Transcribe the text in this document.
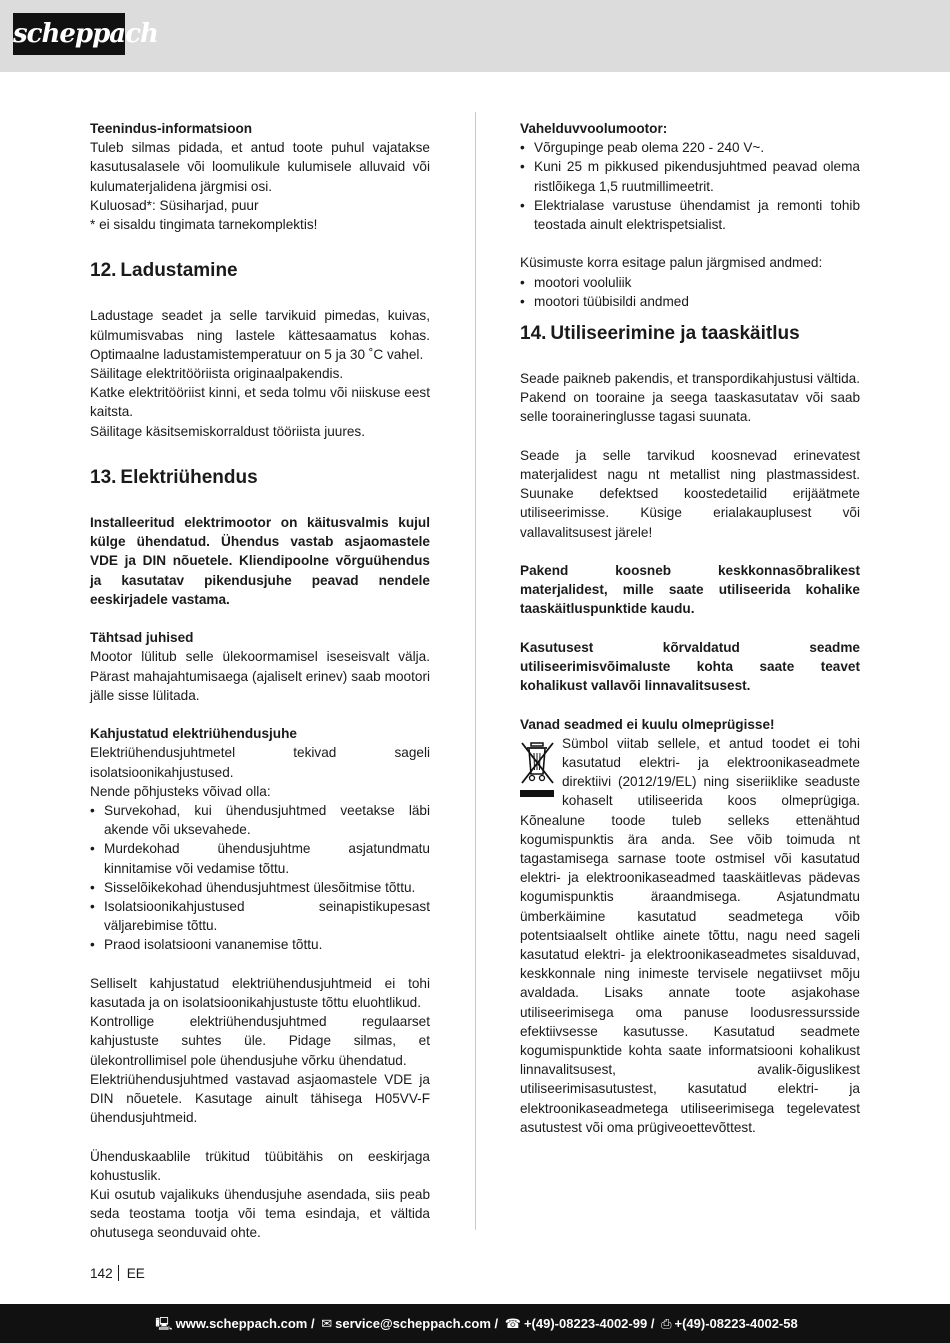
scheppach

Teenindus-informatsioon

Tuleb silmas pidada, et antud toote puhul vajatakse kasutusalasele või loomulikule kulumisele alluvaid või kulumaterjalidena järgmisi osi.

Kuluosad*: Süsiharjad, puur

* ei sisaldu tingimata tarnekomplektis!

12. Ladustamine

Ladustage seadet ja selle tarvikuid pimedas, kuivas, külmumisvabas ning lastele kättesaamatus kohas. Optimaalne ladustamistemperatuur on 5 ja 30 ˚C vahel.

Säilitage elektritööriista originaalpakendis.

Katke elektritööriist kinni, et seda tolmu või niiskuse eest kaitsta.

Säilitage käsitsemiskorraldust tööriista juures.

13. Elektriühendus

Installeeritud elektrimootor on käitusvalmis kujul külge ühendatud. Ühendus vastab asjaomastele VDE ja DIN nõuetele. Kliendipoolne võrguühendus ja kasutatav pikendusjuhe peavad nendele eeskirjadele vastama.

Tähtsad juhised

Mootor lülitub selle ülekoormamisel iseseisvalt välja. Pärast mahajahtumisaega (ajaliselt erinev) saab mootori jälle sisse lülitada.

Kahjustatud elektriühendusjuhe

Elektriühendusjuhtmetel tekivad sageli isolatsioonikahjustused.

Nende põhjusteks võivad olla:

• Survekohad, kui ühendusjuhtmed veetakse läbi akende või uksevahede.
• Murdekohad ühendusjuhtme asjatundmatu kinnitamise või vedamise tõttu.
• Sisselõikekohad ühendusjuhtmest ülesõitmise tõttu.
• Isolatsioonikahjustused seinapistikupesast väljarebimise tõttu.
• Praod isolatsiooni vananemise tõttu.

Selliselt kahjustatud elektriühendusjuhtmeid ei tohi kasutada ja on isolatsioonikahjustuste tõttu eluohtlikud.

Kontrollige elektriühendusjuhtmed regulaarset kahjustuste suhtes üle. Pidage silmas, et ülekontrollimisel pole ühendusjuhe võrku ühendatud.

Elektriühendusjuhtmed vastavad asjaomastele VDE ja DIN nõuetele. Kasutage ainult tähisega H05VV-F ühendusjuhtmeid.

Ühenduskaablile trükitud tüübitähis on eeskirjaga kohustuslik.

Kui osutub vajalikuks ühendusjuhe asendada, siis peab seda teostama tootja või tema esindaja, et vältida ohutusega seonduvaid ohte.

Vahelduvvoolumootor:

• Võrgupinge peab olema 220 - 240 V~.
• Kuni 25 m pikkused pikendusjuhtmed peavad olema ristlõikega 1,5 ruutmillimeetrit.
• Elektrialase varustuse ühendamist ja remonti tohib teostada ainult elektrispetsialist.

Küsimuste korra esitage palun järgmised andmed:

• mootori vooluliik
• mootori tüübisildi andmed
14. Utiliseerimine ja taaskäitlus

Seade paikneb pakendis, et transpordikahjustusi vältida. Pakend on tooraine ja seega taaskasutatav või saab selle tooraineringlusse tagasi suunata.

Seade ja selle tarvikud koosnevad erinevatest materjalidest nagu nt metallist ning plastmassidest. Suunake defektsed koostedetailid erijäätmete utiliseerimisse. Küsige erialakauplusest või vallavalitsusest järele!

Pakend koosneb keskkonnasõbralikest materjalidest, mille saate utiliseerida kohalike taaskäitluspunktide kaudu.

Kasutusest kõrvaldatud seadme utiliseerimisvõimaluste kohta saate teavet kohalikust vallavõi linnavalitsusest.

Vanad seadmed ei kuulu olmeprügisse!

Sümbol viitab sellele, et antud toodet ei tohi kasutatud elektri- ja elektroonikaseadmete direktiivi (2012/19/EL) ning siseriiklike seaduste kohaselt utiliseerida koos olmeprügiga. Kõnealune toode tuleb selleks ettenähtud kogumispunktis ära anda. See võib toimuda nt tagastamisega sarnase toote ostmisel või kasutatud elektri- ja elektroonikaseadmed taaskäitlevas pädevas kogumispunktis äraandmisega. Asjatundmatu ümberkäimine kasutatud seadmetega võib potentsiaalselt ohtlike ainete tõttu, nagu need sageli kasutatud elektri- ja elektroonikaseadmetes sisalduvad, keskkonnale ning inimeste tervisele negatiivset mõju avaldada. Lisaks annate toote asjakohase utiliseerimisega oma panuse loodusressursside efektiivsesse kasutusse. Kasutatud seadmete kogumispunktide kohta saate informatsiooni kohalikust linnavalitsusest, avalik-õiguslikest utiliseerimisasutustest, kasutatud elektri- ja elektroonikaseadmetega utiliseerimisega tegelevatest asutustest või oma prügiveoettevõttest.

142 EE
🖳 www.scheppach.com / ✉ service@scheppach.com / ☎ +(49)-08223-4002-99 / ⎙ +(49)-08223-4002-58
